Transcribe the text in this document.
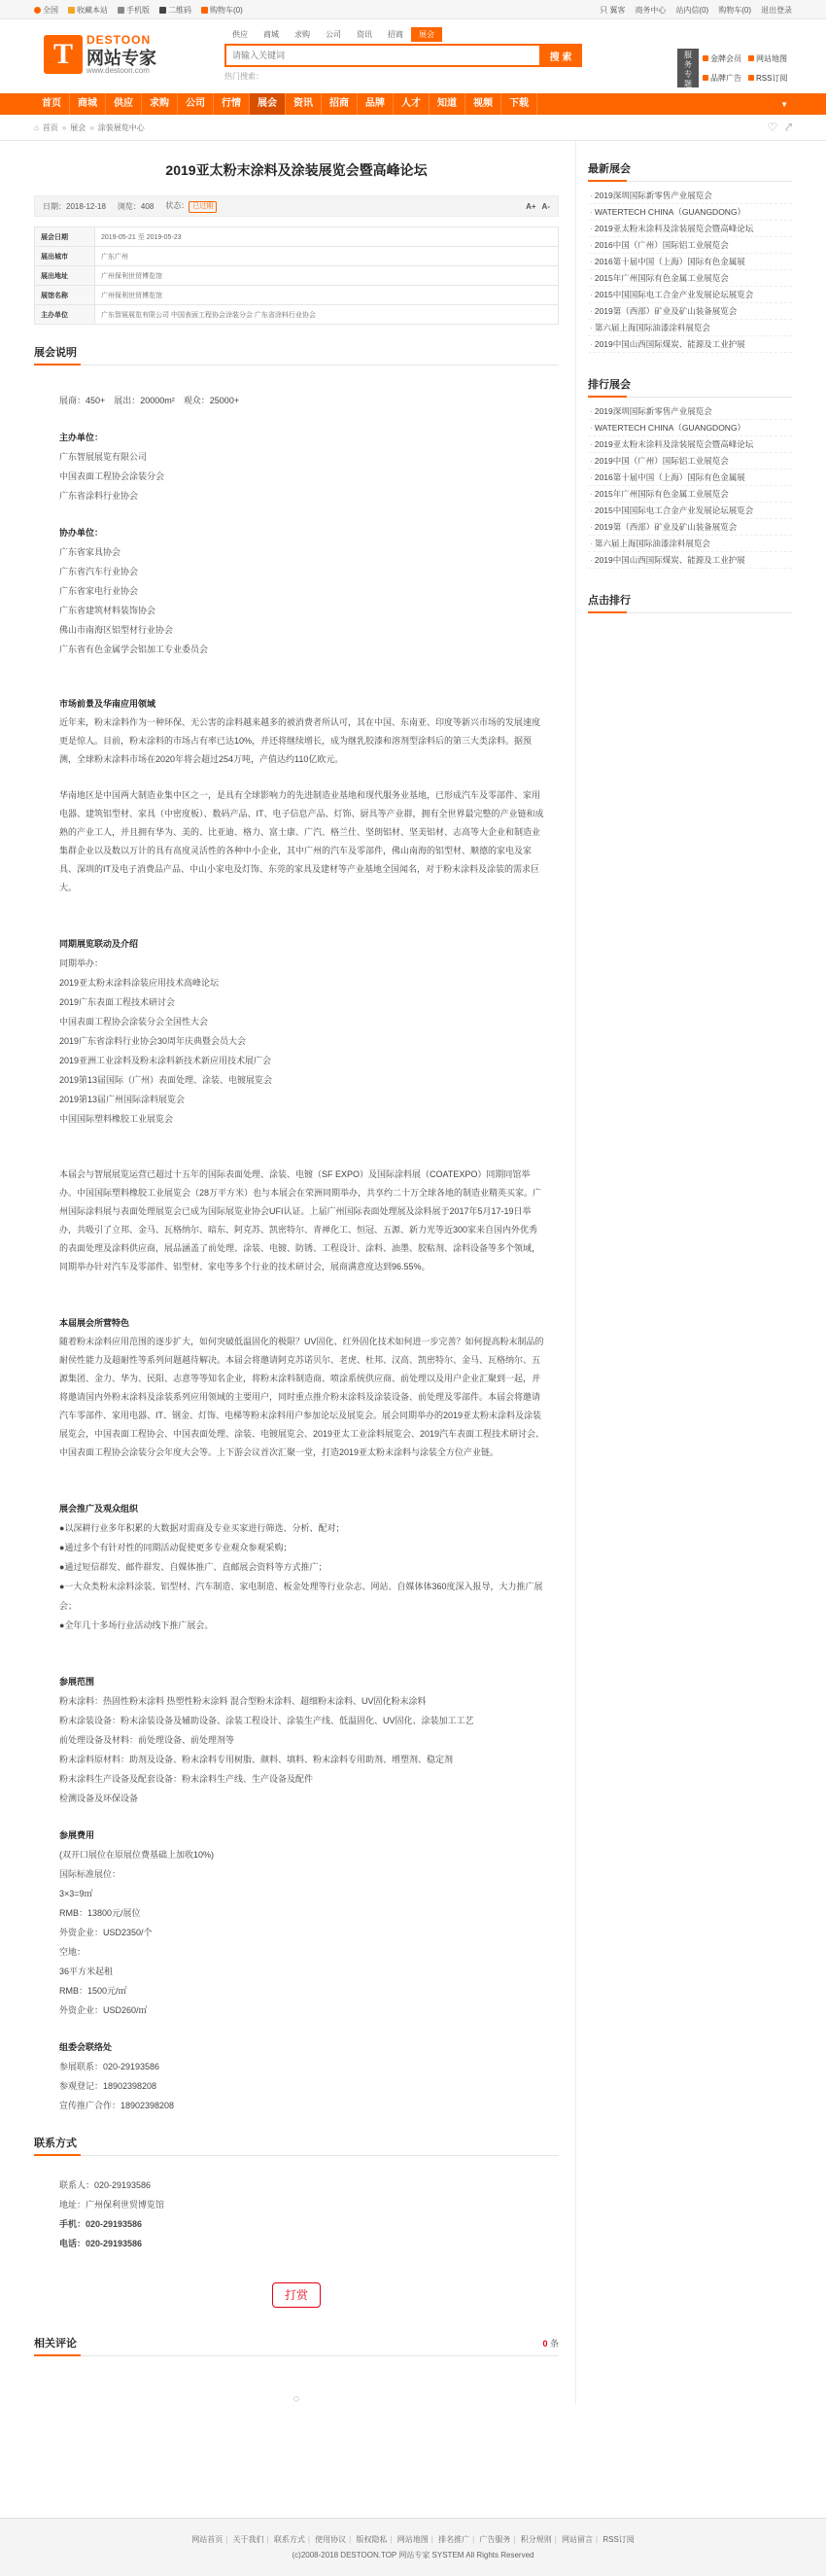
全国	收藏本站	手机版	二维码	购物车(0)	只 翼客 商务中心 站内信(0) 购物车(0) 退出登录
T	DESTOON
网站专家
www.destoon.com
供应	商城	求购	公司	资讯	招商	展会
请输入关键词
搜 索
热门搜索：
服务专题
金牌会员	网站地图
品牌广告	RSS订阅
首页	商城	供应	求购	公司	行情	展会	资讯	招商	品牌	人才	知道	视频	下载	▼
⌂ 首页 » 展会 » 涂装展览中心	♡ ⤤
2019亚太粉末涂料及涂装展览会暨高峰论坛
日期：2018-12-18 浏览：408 状态： 已过期	A+ A-
展会日期	2019-05-21 至 2019-05-23
展出城市	广东广州
展出地址	广州保利世贸博览馆
展馆名称	广州保利世贸博览馆
主办单位	广东智展展览有限公司 中国表面工程协会涂装分会 广东省涂料行业协会
展会说明

展商：450+　展出：20000m²　观众：25000+

主办单位：

广东智展展览有限公司

中国表面工程协会涂装分会

广东省涂料行业协会

协办单位：

广东省家具协会

广东省汽车行业协会

广东省家电行业协会

广东省建筑材料装饰协会

佛山市南海区铝型材行业协会

广东省有色金属学会铝加工专业委员会

市场前景及华南应用领域

近年来，粉末涂料作为一种环保、无公害的涂料越来越多的被消费者所认可，其在中国、东南亚、印度等新兴市场的发展速度更是惊人。目前，粉末涂料的市场占有率已达10%，并还将继续增长，成为继乳胶漆和溶剂型涂料后的第三大类涂料。据预测，全球粉末涂料市场在2020年将会超过254万吨，产值达约110亿欧元。

华南地区是中国两大制造业集中区之一，是具有全球影响力的先进制造业基地和现代服务业基地，已形成汽车及零部件、家用电器、建筑铝型材、家具（中密度板）、数码产品、IT、电子信息产品、灯饰、厨具等产业群，拥有全世界最完整的产业链和成熟的产业工人，并且拥有华为、美的、比亚迪、格力、富士康、广汽、格兰仕、坚朗铝材、坚美铝材、志高等大企业和制造业集群企业以及数以万计的具有高度灵活性的各种中小企业，其中广州的汽车及零部件，佛山南海的铝型材、顺德的家电及家具、深圳的IT及电子消费品产品、中山小家电及灯饰、东莞的家具及建材等产业基地全国闻名，对于粉末涂料及涂装的需求巨大。

同期展览联动及介绍

同期举办：

2019亚太粉末涂料涂装应用技术高峰论坛

2019广东表面工程技术研讨会

中国表面工程协会涂装分会全国性大会

2019广东省涂料行业协会30周年庆典暨会员大会

2019亚洲工业涂料及粉末涂料新技术新应用技术展广会

2019第13届国际（广州）表面处理、涂装、电镀展览会

2019第13届广州国际涂料展览会

中国国际塑料橡胶工业展览会

本届会与智展展览运营已超过十五年的国际表面处理、涂装、电镀（SF EXPO）及国际涂料展（COATEXPO）同期同馆举办。中国国际塑料橡胶工业展览会（28万平方米）也与本展会在荣洲同期举办，共享约二十万全球各地的制造业精英买家。广州国际涂料展与表面处理展览会已成为国际展览业协会UFI认证。上届广州国际表面处理展及涂料展于2017年5月17-19日举办，共吸引了立邦、金马、瓦格纳尔、暗东、阿克苏、凯密特尔、青禅化工、恒冠、五源、新力光等近300家来自国内外优秀的表面处理及涂料供应商，展品涵盖了前处理、涂装、电镀、防锈、工程设计、涂料、油墨、胶粘剂、涂料设备等多个领域，同期举办针对汽车及零部件、铝型材、家电等多个行业的技术研讨会，展商满意度达到96.55%。

本届展会所营特色

随着粉末涂料应用范围的逐步扩大，如何突破低温固化的极限？UV固化、红外固化技术如何进一步完善？如何提高粉末制品的耐侯性能力及超耐性等系列问题越待解决。本届会将邀请阿克苏诺贝尔、老虎、杜邦、汉高、凯密特尔、金马、瓦格纳尔、五源集团、金力、华为、民阳、志意等等知名企业，将粉末涂料制造商、喷涂系统供应商、前处理以及用户企业汇聚到一起，并将邀请国内外粉末涂料及涂装系列应用领域的主要用户，同时重点推介粉末涂料及涂装设备、前处理及零部件。本届会将邀请汽车零部件、家用电器、IT、钢金、灯饰、电梯等粉末涂料用户参加论坛及展览会。展会同期举办的2019亚太粉末涂料及涂装展览会，中国表面工程协会、中国表面处理、涂装、电镀展览会、2019亚太工业涂料展览会、2019汽车表面工程技术研讨会、中国表面工程协会涂装分会年度大会等。上下游会议首次汇聚一堂，打造2019亚太粉末涂料与涂装全方位产业链。

展会推广及观众组织

●以深耕行业多年积累的大数据对需商及专业买家进行筛选、分析、配对；

●通过多个有针对性的同期活动促使更多专业观众参观采购；

●通过短信群发、邮件群发、自媒体推广、直邮展会资料等方式推广；

●一大众类粉末涂料涂装、铝型材、汽车制造、家电制造、板金处理等行业杂志、网站、自媒体体360度深入报导，大力推广展会；

●全年几十多场行业活动线下推广展会。

参展范围

粉末涂料：热固性粉末涂料 热塑性粉末涂料 混合型粉末涂料、超细粉末涂料、UV固化粉末涂料

粉末涂装设备：粉末涂装设备及辅助设备、涂装工程设计、涂装生产线、低温固化、UV固化、涂装加工工艺

前处理设备及材料：前处理设备、前处理剂等

粉末涂料原材料：助剂及设备、粉末涂料专用树脂、颜料、填料、粉末涂料专用助剂、增塑剂、稳定剂

粉末涂料生产设备及配套设备：粉末涂料生产线、生产设备及配件

检测设备及环保设备

参展费用

(双开口展位在原展位费基础上加收10%)

国际标准展位：

3×3=9㎡

RMB：13800元/展位

外资企业：USD2350/个

空地：

36平方米起租

RMB：1500元/㎡

外资企业：USD260/㎡

组委会联络处

参展联系：020-29193586

参观登记：18902398208

宣传推广合作：18902398208

联系方式

联系人：020-29193586

地址：广州保利世贸博览馆

手机：020-29193586

电话：020-29193586

打赏
相关评论	0 条
◌
最新展会
· 2019深圳国际新零售产业展览会
· WATERTECH CHINA（GUANGDONG）
· 2019亚太粉末涂料及涂装展览会暨高峰论坛
· 2016中国（广州）国际铝工业展览会
· 2016第十届中国（上海）国际有色金属展
· 2015年广州国际有色金属工业展览会
· 2015中国国际电工合金产业发展论坛展览会
· 2019第（西部）矿业及矿山装备展览会
· 第六届上海国际油漆涂料展览会
· 2019中国山西国际煤炭、能源及工业护展
排行展会
· 2019深圳国际新零售产业展览会
· WATERTECH CHINA（GUANGDONG）
· 2019亚太粉末涂料及涂装展览会暨高峰论坛
· 2019中国（广州）国际铝工业展览会
· 2016第十届中国（上海）国际有色金属展
· 2015年广州国际有色金属工业展览会
· 2015中国国际电工合金产业发展论坛展览会
· 2019第（西部）矿业及矿山装备展览会
· 第六届上海国际油漆涂料展览会
· 2019中国山西国际煤炭、能源及工业护展
点击排行
网站首页 | 关于我们 | 联系方式 | 使用协议 | 版权隐私 | 网站地图 | 排名推广 | 广告服务 | 积分规则 | 网站留言 | RSS订阅
(c)2008-2018 DESTOON.TOP 网站专家 SYSTEM All Rights Reserved
